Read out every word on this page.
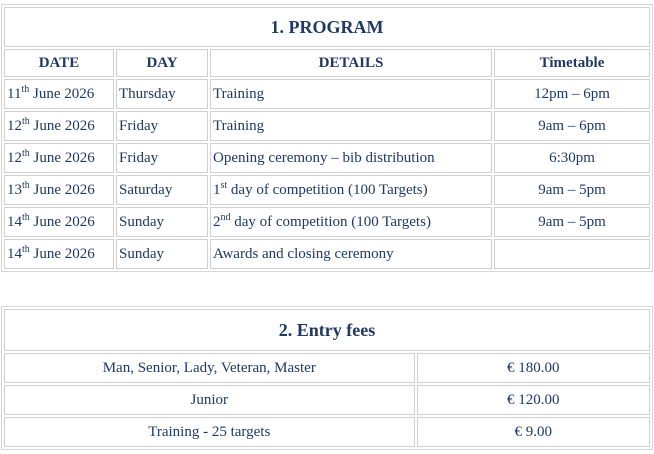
1. PROGRAM			
DATE	DAY	DETAILS	Timetable
11th June 2026	Thursday	Training	12pm – 6pm
12th June 2026	Friday	Training	9am – 6pm
12th June 2026	Friday	Opening ceremony – bib distribution	6:30pm
13th June 2026	Saturday	1st day of competition (100 Targets)	9am – 5pm
14th June 2026	Sunday	2nd day of competition (100 Targets)	9am – 5pm
14th June 2026	Sunday	Awards and closing ceremony	
2. Entry fees	
Man, Senior, Lady, Veteran, Master	€ 180.00
Junior	€ 120.00
Training - 25 targets	€ 9.00
